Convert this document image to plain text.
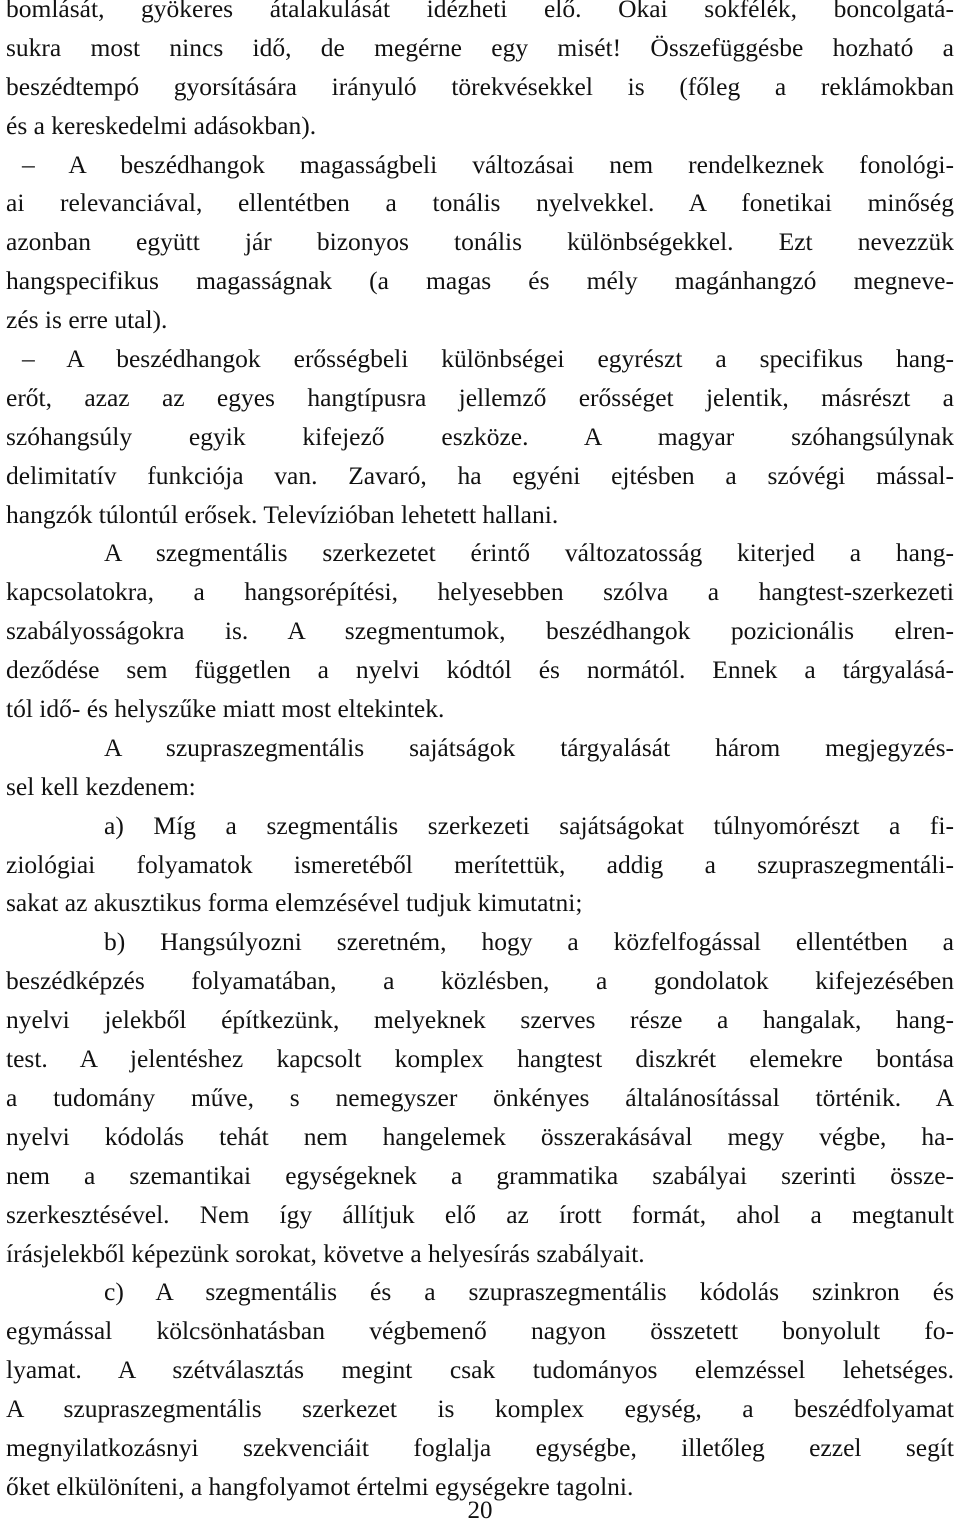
bomlását, gyökeres átalakulását idézheti elő. Okai sokfélék, boncolgatá-
sukra most nincs idő, de megérne egy misét! Összefüggésbe hozható a
beszédtempó gyorsítására irányuló törekvésekkel is (főleg a reklámokban
és a kereskedelmi adásokban).
– A beszédhangok magasságbeli változásai nem rendelkeznek fonológi-
ai relevanciával, ellentétben a tonális nyelvekkel. A fonetikai minőség
azonban együtt jár bizonyos tonális különbségekkel. Ezt nevezzük
hangspecifikus magasságnak (a magas és mély magánhangzó megneve-
zés is erre utal).
– A beszédhangok erősségbeli különbségei egyrészt a specifikus hang-
erőt, azaz az egyes hangtípusra jellemző erősséget jelentik, másrészt a
szóhangsúly egyik kifejező eszköze. A magyar szóhangsúlynak
delimitatív funkciója van. Zavaró, ha egyéni ejtésben a szóvégi mással-
hangzók túlontúl erősek. Televízióban lehetett hallani.
A szegmentális szerkezetet érintő változatosság kiterjed a hang-
kapcsolatokra, a hangsorépítési, helyesebben szólva a hangtest-szerkezeti
szabályosságokra is. A szegmentumok, beszédhangok pozicionális elren-
deződése sem független a nyelvi kódtól és normától. Ennek a tárgyalásá-
tól idő- és helyszűke miatt most eltekintek.
A szupraszegmentális sajátságok tárgyalását három megjegyzés-
sel kell kezdenem:
a) Míg a szegmentális szerkezeti sajátságokat túlnyomórészt a fi-
ziológiai folyamatok ismeretéből merítettük, addig a szupraszegmentáli-
sakat az akusztikus forma elemzésével tudjuk kimutatni;
b) Hangsúlyozni szeretném, hogy a közfelfogással ellentétben a
beszédképzés folyamatában, a közlésben, a gondolatok kifejezésében
nyelvi jelekből építkezünk, melyeknek szerves része a hangalak, hang-
test. A jelentéshez kapcsolt komplex hangtest diszkrét elemekre bontása
a tudomány műve, s nemegyszer önkényes általánosítással történik. A
nyelvi kódolás tehát nem hangelemek összerakásával megy végbe, ha-
nem a szemantikai egységeknek a grammatika szabályai szerinti össze-
szerkesztésével. Nem így állítjuk elő az írott formát, ahol a megtanult
írásjelekből képezünk sorokat, követve a helyesírás szabályait.
c) A szegmentális és a szupraszegmentális kódolás szinkron és
egymással kölcsönhatásban végbemenő nagyon összetett bonyolult fo-
lyamat. A szétválasztás megint csak tudományos elemzéssel lehetséges.
A szupraszegmentális szerkezet is komplex egység, a beszédfolyamat
megnyilatkozásnyi szekvenciáit foglalja egységbe, illetőleg ezzel segít
őket elkülöníteni, a hangfolyamot értelmi egységekre tagolni.
20
